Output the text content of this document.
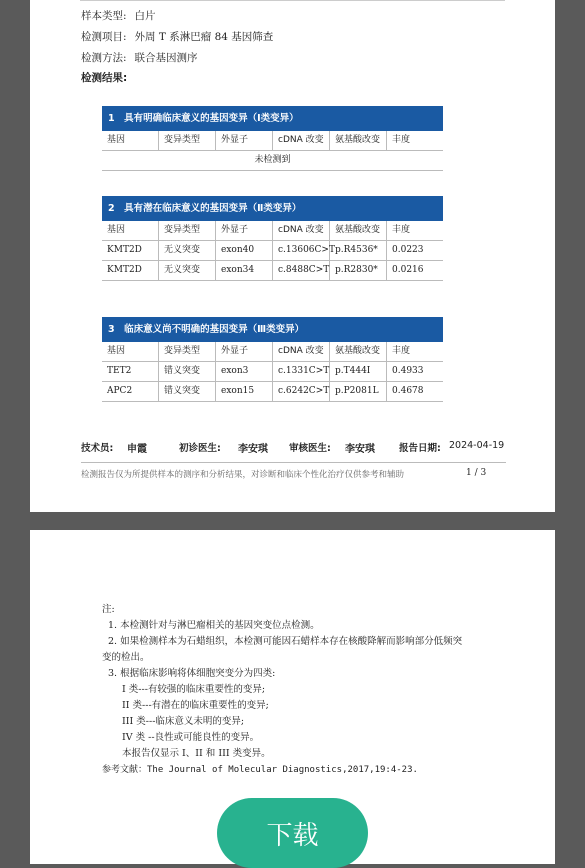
样本类型: 白片
检测项目: 外周 T 系淋巴瘤 84 基因筛查
检测方法: 联合基因测序
检测结果:
1　具有明确临床意义的基因变异（Ⅰ类变异）
基因	变异类型	外显子	cDNA 改变	氨基酸改变	丰度
未检测到
2　具有潜在临床意义的基因变异（Ⅱ类变异）
基因	变异类型	外显子	cDNA 改变	氨基酸改变	丰度
KMT2D	无义突变	exon40	c.13606C>T p.R4536*	0.0223
KMT2D	无义突变	exon34	c.8488C>T p.R2830*	0.0216
3　临床意义尚不明确的基因变异（Ⅲ类变异）
基因	变异类型	外显子	cDNA 改变	氨基酸改变	丰度
TET2	错义突变	exon3	c.1331C>T p.T444I	0.4933
APC2	错义突变	exon15	c.6242C>T p.P2081L	0.4678
技术员: 申霞	初诊医生: 李安琪 审核医生: 李安琪	报告日期: 2024-04-19
检测报告仅为所提供样本的测序和分析结果，对诊断和临床个性化治疗仅供参考和辅助	1 / 3

注:

1. 本检测针对与淋巴瘤相关的基因突变位点检测。

2. 如果检测样本为石蜡组织，本检测可能因石蜡样本存在核酸降解而影响部分低频突

变的检出。

3. 根据临床影响将体细胞突变分为四类:

I 类---有较强的临床重要性的变异;

II 类---有潜在的临床重要性的变异;

III 类---临床意义未明的变异;

IV 类 --良性或可能良性的变异。

本报告仅显示 I、II 和 III 类变异。

参考文献：The Journal of Molecular Diagnostics,2017,19:4-23.

下载
